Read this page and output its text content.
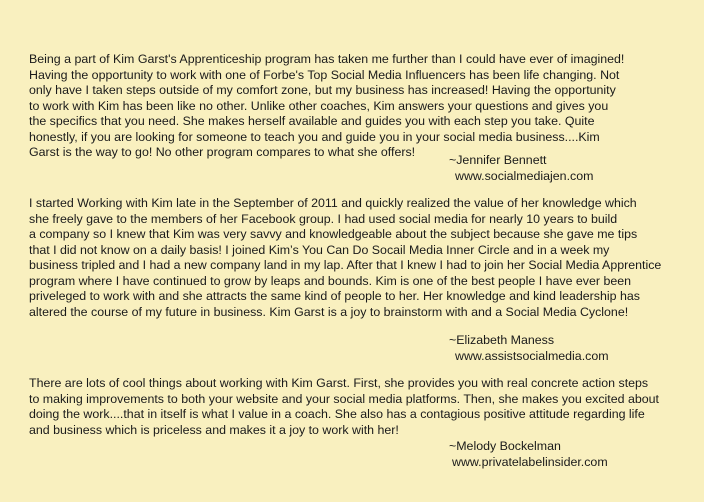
Being a part of Kim Garst's Apprenticeship program has taken me further than I could have ever of imagined!
Having the opportunity to work with one of Forbe's Top Social Media Influencers has been life changing. Not
only have I taken steps outside of my comfort zone, but my business has increased! Having the opportunity
to work with Kim has been like no other. Unlike other coaches, Kim answers your questions and gives you
the specifics that you need. She makes herself available and guides you with each step you take. Quite
honestly, if you are looking for someone to teach you and guide you in your social media business....Kim
Garst is the way to go! No other program compares to what she offers!
~Jennifer Bennett
www.socialmediajen.com
I started Working with Kim late in the September of 2011 and quickly realized the value of her knowledge which
she freely gave to the members of her Facebook group. I had used social media for nearly 10 years to build
a company so I knew that Kim was very savvy and knowledgeable about the subject because she gave me tips
that I did not know on a daily basis! I joined Kim’s You Can Do Socail Media Inner Circle and in a week my
business tripled and I had a new company land in my lap. After that I knew I had to join her Social Media Apprentice
program where I have continued to grow by leaps and bounds. Kim is one of the best people I have ever been
priveleged to work with and she attracts the same kind of people to her. Her knowledge and kind leadership has
altered the course of my future in business. Kim Garst is a joy to brainstorm with and a Social Media Cyclone!
~Elizabeth Maness
www.assistsocialmedia.com
There are lots of cool things about working with Kim Garst. First, she provides you with real concrete action steps
to making improvements to both your website and your social media platforms. Then, she makes you excited about
doing the work....that in itself is what I value in a coach. She also has a contagious positive attitude regarding life
and business which is priceless and makes it a joy to work with her!
~Melody Bockelman
www.privatelabelinsider.com
